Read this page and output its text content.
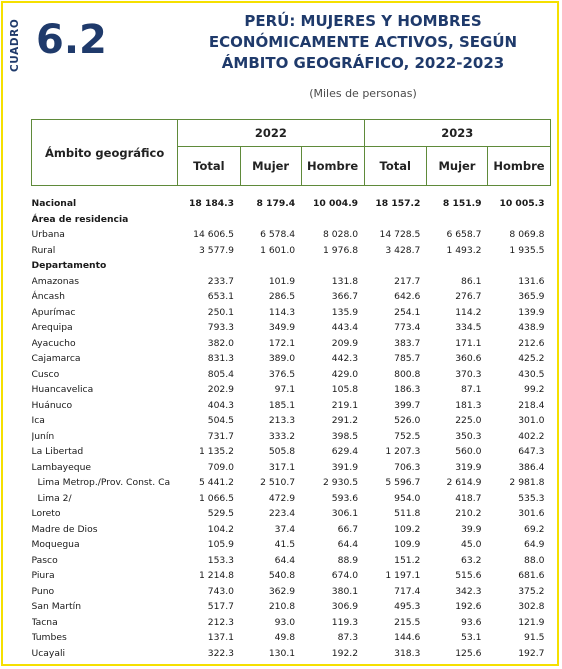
CUADRO 6.2	PERÚ: MUJERES Y HOMBRES
ECONÓMICAMENTE ACTIVOS, SEGÚN
ÁMBITO GEOGRÁFICO, 2022-2023
(Miles de personas)
Ámbito geográfico	2022			2023		
	Total	Mujer	Hombre	Total	Mujer	Hombre

Nacional	18 184.3	8 179.4	10 004.9	18 157.2	8 151.9	10 005.3
Área de residencia						
Urbana	14 606.5	6 578.4	8 028.0	14 728.5	6 658.7	8 069.8
Rural	3 577.9	1 601.0	1 976.8	3 428.7	1 493.2	1 935.5
Departamento						
Amazonas	233.7	101.9	131.8	217.7	86.1	131.6
Áncash	653.1	286.5	366.7	642.6	276.7	365.9
Apurímac	250.1	114.3	135.9	254.1	114.2	139.9
Arequipa	793.3	349.9	443.4	773.4	334.5	438.9
Ayacucho	382.0	172.1	209.9	383.7	171.1	212.6
Cajamarca	831.3	389.0	442.3	785.7	360.6	425.2
Cusco	805.4	376.5	429.0	800.8	370.3	430.5
Huancavelica	202.9	97.1	105.8	186.3	87.1	99.2
Huánuco	404.3	185.1	219.1	399.7	181.3	218.4
Ica	504.5	213.3	291.2	526.0	225.0	301.0
Junín	731.7	333.2	398.5	752.5	350.3	402.2
La Libertad	1 135.2	505.8	629.4	1 207.3	560.0	647.3
Lambayeque	709.0	317.1	391.9	706.3	319.9	386.4
Lima Metrop./Prov. Const. Ca	5 441.2	2 510.7	2 930.5	5 596.7	2 614.9	2 981.8
Lima 2/	1 066.5	472.9	593.6	954.0	418.7	535.3
Loreto	529.5	223.4	306.1	511.8	210.2	301.6
Madre de Dios	104.2	37.4	66.7	109.2	39.9	69.2
Moquegua	105.9	41.5	64.4	109.9	45.0	64.9
Pasco	153.3	64.4	88.9	151.2	63.2	88.0
Piura	1 214.8	540.8	674.0	1 197.1	515.6	681.6
Puno	743.0	362.9	380.1	717.4	342.3	375.2
San Martín	517.7	210.8	306.9	495.3	192.6	302.8
Tacna	212.3	93.0	119.3	215.5	93.6	121.9
Tumbes	137.1	49.8	87.3	144.6	53.1	91.5
Ucayali	322.3	130.1	192.2	318.3	125.6	192.7
